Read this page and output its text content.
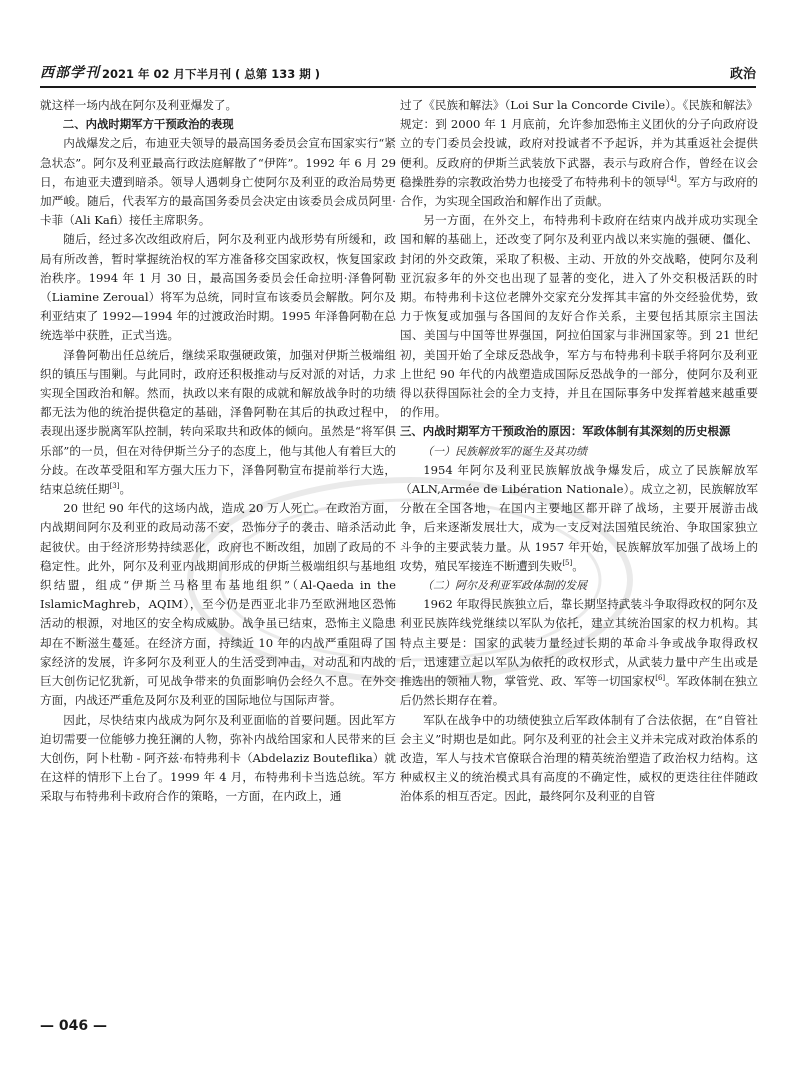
西部学刊 2021 年 02 月下半月刊 ( 总第 133 期 )	政治

就这样一场内战在阿尔及利亚爆发了。

二、内战时期军方干预政治的表现

内战爆发之后，布迪亚夫领导的最高国务委员会宣布国家实行“紧急状态”。阿尔及利亚最高行政法庭解散了“伊阵”。1992 年 6 月 29 日，布迪亚夫遭到暗杀。领导人遇刺身亡使阿尔及利亚的政治局势更加严峻。随后，代表军方的最高国务委员会决定由该委员会成员阿里·卡菲（Ali Kafi）接任主席职务。

随后，经过多次改组政府后，阿尔及利亚内战形势有所缓和，政局有所改善，暂时掌握统治权的军方准备移交国家政权，恢复国家政治秩序。1994 年 1 月 30 日，最高国务委员会任命拉明·泽鲁阿勒（Liamine Zeroual）将军为总统，同时宣布该委员会解散。阿尔及利亚结束了 1992—1994 年的过渡政治时期。1995 年泽鲁阿勒在总统选举中获胜，正式当选。

泽鲁阿勒出任总统后，继续采取强硬政策，加强对伊斯兰极端组织的镇压与围剿。与此同时，政府还积极推动与反对派的对话，力求实现全国政治和解。然而，执政以来有限的成就和解放战争时的功绩都无法为他的统治提供稳定的基础，泽鲁阿勒在其后的执政过程中，表现出逐步脱离军队控制，转向采取共和政体的倾向。虽然是“将军俱乐部”的一员，但在对待伊斯兰分子的态度上，他与其他人有着巨大的分歧。在改革受阻和军方强大压力下，泽鲁阿勒宣布提前举行大选，结束总统任期[3]。

20 世纪 90 年代的这场内战，造成 20 万人死亡。在政治方面，内战期间阿尔及利亚的政局动荡不安，恐怖分子的袭击、暗杀活动此起彼伏。由于经济形势持续恶化，政府也不断改组，加剧了政局的不稳定性。此外，阿尔及利亚内战期间形成的伊斯兰极端组织与基地组织结盟，组成“伊斯兰马格里布基地组织”（Al-Qaeda in the IslamicMaghreb，AQIM），至今仍是西亚北非乃至欧洲地区恐怖活动的根源，对地区的安全构成威胁。战争虽已结束，恐怖主义隐患却在不断滋生蔓延。在经济方面，持续近 10 年的内战严重阻碍了国家经济的发展，许多阿尔及利亚人的生活受到冲击，对动乱和内战的巨大创伤记忆犹新，可见战争带来的负面影响仍会经久不息。在外交方面，内战还严重危及阿尔及利亚的国际地位与国际声誉。

因此，尽快结束内战成为阿尔及利亚面临的首要问题。因此军方迫切需要一位能够力挽狂澜的人物，弥补内战给国家和人民带来的巨大创伤，阿卜杜勒 - 阿齐兹·布特弗利卡（Abdelaziz Bouteflika）就在这样的情形下上台了。1999 年 4 月，布特弗利卡当选总统。军方采取与布特弗利卡政府合作的策略，一方面，在内政上，通

过了《民族和解法》（Loi Sur la Concorde Civile）。《民族和解法》规定：到 2000 年 1 月底前，允许参加恐怖主义团伙的分子向政府设立的专门委员会投诚，政府对投诚者不予起诉，并为其重返社会提供便利。反政府的伊斯兰武装放下武器，表示与政府合作，曾经在议会稳操胜券的宗教政治势力也接受了布特弗利卡的领导[4]。军方与政府的合作，为实现全国政治和解作出了贡献。

另一方面，在外交上，布特弗利卡政府在结束内战并成功实现全国和解的基础上，还改变了阿尔及利亚内战以来实施的强硬、僵化、封闭的外交政策，采取了积极、主动、开放的外交战略，使阿尔及利亚沉寂多年的外交也出现了显著的变化，进入了外交积极活跃的时期。布特弗利卡这位老牌外交家充分发挥其丰富的外交经验优势，致力于恢复或加强与各国间的友好合作关系，主要包括其原宗主国法国、美国与中国等世界强国，阿拉伯国家与非洲国家等。到 21 世纪初，美国开始了全球反恐战争，军方与布特弗利卡联手将阿尔及利亚上世纪 90 年代的内战塑造成国际反恐战争的一部分，使阿尔及利亚得以获得国际社会的全力支持，并且在国际事务中发挥着越来越重要的作用。

三、内战时期军方干预政治的原因：军政体制有其深刻的历史根源

（一）民族解放军的诞生及其功绩

1954 年阿尔及利亚民族解放战争爆发后，成立了民族解放军（ALN,Armée de Libération Nationale）。成立之初，民族解放军分散在全国各地，在国内主要地区都开辟了战场，主要开展游击战争，后来逐渐发展壮大，成为一支反对法国殖民统治、争取国家独立斗争的主要武装力量。从 1957 年开始，民族解放军加强了战场上的攻势，殖民军接连不断遭到失败[5]。

（二）阿尔及利亚军政体制的发展

1962 年取得民族独立后，靠长期坚持武装斗争取得政权的阿尔及利亚民族阵线党继续以军队为依托，建立其统治国家的权力机构。其特点主要是：国家的武装力量经过长期的革命斗争或战争取得政权后，迅速建立起以军队为依托的政权形式，从武装力量中产生出或是推选出的领袖人物，掌管党、政、军等一切国家权[6]。军政体制在独立后仍然长期存在着。

军队在战争中的功绩使独立后军政体制有了合法依据，在“自管社会主义”时期也是如此。阿尔及利亚的社会主义并未完成对政治体系的改造，军人与技术官僚联合治理的精英统治塑造了政治权力结构。这种威权主义的统治模式具有高度的不确定性，威权的更迭往往伴随政治体系的相互否定。因此，最终阿尔及利亚的自管

— 046 —
